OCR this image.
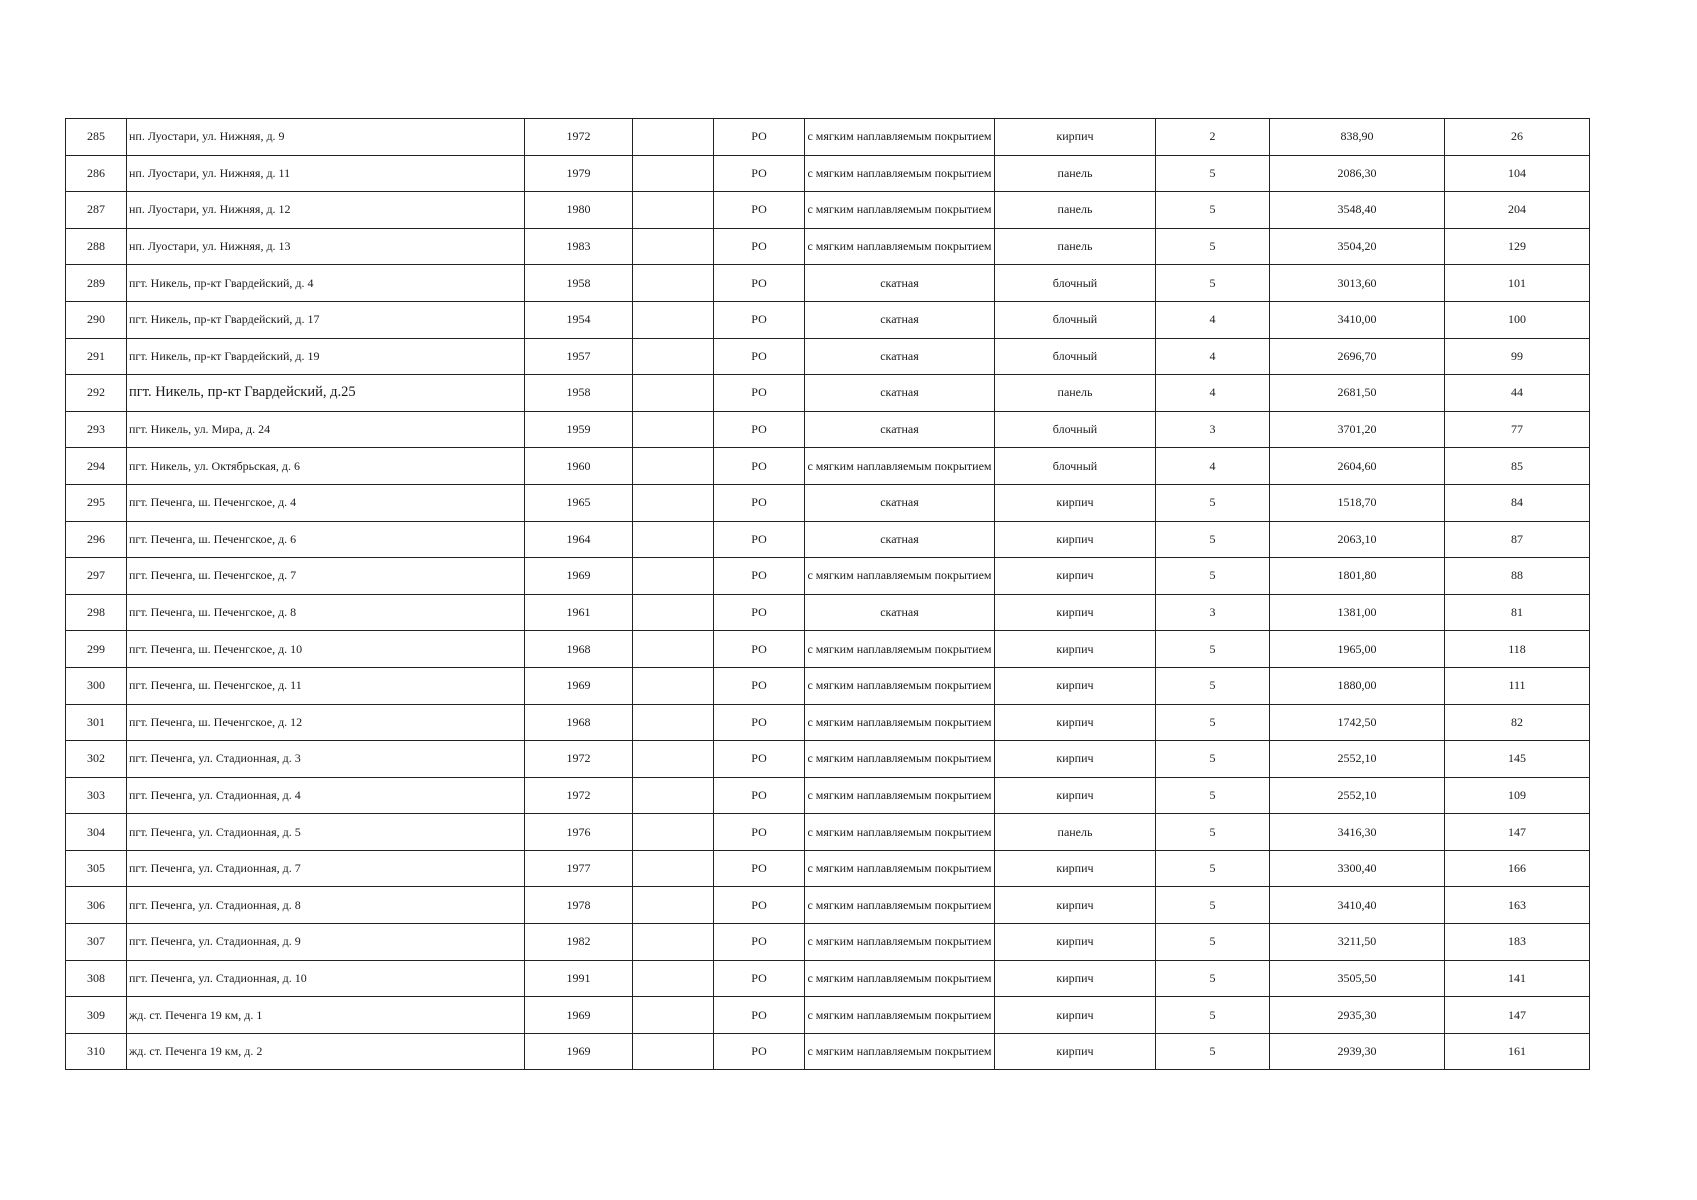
285	нп. Луостари, ул. Нижняя, д. 9	1972		РО	с мягким наплавляемым покрытием	кирпич	2	838,90	26
286	нп. Луостари, ул. Нижняя, д. 11	1979		РО	с мягким наплавляемым покрытием	панель	5	2086,30	104
287	нп. Луостари, ул. Нижняя, д. 12	1980		РО	с мягким наплавляемым покрытием	панель	5	3548,40	204
288	нп. Луостари, ул. Нижняя, д. 13	1983		РО	с мягким наплавляемым покрытием	панель	5	3504,20	129
289	пгт. Никель, пр-кт Гвардейский, д. 4	1958		РО	скатная	блочный	5	3013,60	101
290	пгт. Никель, пр-кт Гвардейский, д. 17	1954		РО	скатная	блочный	4	3410,00	100
291	пгт. Никель, пр-кт Гвардейский, д. 19	1957		РО	скатная	блочный	4	2696,70	99
292	пгт. Никель, пр-кт Гвардейский, д.25	1958		РО	скатная	панель	4	2681,50	44
293	пгт. Никель, ул. Мира, д. 24	1959		РО	скатная	блочный	3	3701,20	77
294	пгт. Никель, ул. Октябрьская, д. 6	1960		РО	с мягким наплавляемым покрытием	блочный	4	2604,60	85
295	пгт. Печенга, ш. Печенгское, д. 4	1965		РО	скатная	кирпич	5	1518,70	84
296	пгт. Печенга, ш. Печенгское, д. 6	1964		РО	скатная	кирпич	5	2063,10	87
297	пгт. Печенга, ш. Печенгское, д. 7	1969		РО	с мягким наплавляемым покрытием	кирпич	5	1801,80	88
298	пгт. Печенга, ш. Печенгское, д. 8	1961		РО	скатная	кирпич	3	1381,00	81
299	пгт. Печенга, ш. Печенгское, д. 10	1968		РО	с мягким наплавляемым покрытием	кирпич	5	1965,00	118
300	пгт. Печенга, ш. Печенгское, д. 11	1969		РО	с мягким наплавляемым покрытием	кирпич	5	1880,00	111
301	пгт. Печенга, ш. Печенгское, д. 12	1968		РО	с мягким наплавляемым покрытием	кирпич	5	1742,50	82
302	пгт. Печенга, ул. Стадионная, д. 3	1972		РО	с мягким наплавляемым покрытием	кирпич	5	2552,10	145
303	пгт. Печенга, ул. Стадионная, д. 4	1972		РО	с мягким наплавляемым покрытием	кирпич	5	2552,10	109
304	пгт. Печенга, ул. Стадионная, д. 5	1976		РО	с мягким наплавляемым покрытием	панель	5	3416,30	147
305	пгт. Печенга, ул. Стадионная, д. 7	1977		РО	с мягким наплавляемым покрытием	кирпич	5	3300,40	166
306	пгт. Печенга, ул. Стадионная, д. 8	1978		РО	с мягким наплавляемым покрытием	кирпич	5	3410,40	163
307	пгт. Печенга, ул. Стадионная, д. 9	1982		РО	с мягким наплавляемым покрытием	кирпич	5	3211,50	183
308	пгт. Печенга, ул. Стадионная, д. 10	1991		РО	с мягким наплавляемым покрытием	кирпич	5	3505,50	141
309	жд. ст. Печенга 19 км, д. 1	1969		РО	с мягким наплавляемым покрытием	кирпич	5	2935,30	147
310	жд. ст. Печенга 19 км, д. 2	1969		РО	с мягким наплавляемым покрытием	кирпич	5	2939,30	161
